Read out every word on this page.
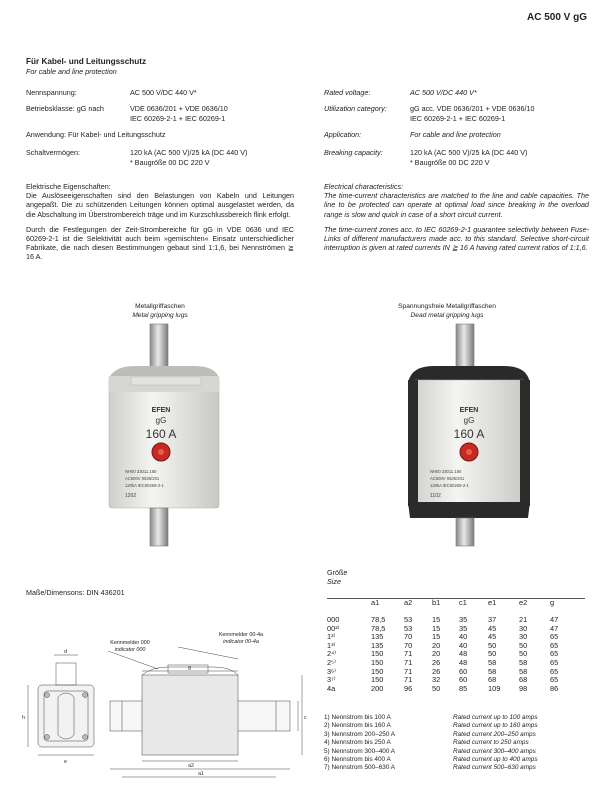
AC 500 V gG
Für Kabel- und Leitungsschutz
For cable and line protection
Nennspannung:	AC 500 V/DC 440 V*
Betriebsklasse: gG nach	VDE 0636/201 + VDE 0636/10
IEC 60269-2-1 + IEC 60269-1
Anwendung: Für Kabel- und Leitungsschutz
Schaltvermögen:	120 kA (AC 500 V)/25 kA (DC 440 V)
* Baugröße 00 DC 220 V
Rated voltage:	AC 500 V/DC 440 V*
Utilization category:	gG acc. VDE 0636/201 + VDE 0636/10
IEC 60269-2-1 + IEC 60269-1
Application:	For cable and line protection
Breaking capacity:	120 kA (AC 500 V)/25 kA (DC 440 V)
* Baugröße 00 DC 220 V
Elektrische Eigenschaften:
Die Auslöseeigenschaften sind den Belastungen von Kabeln und Leitungen angepaßt. Die zu schützenden Leitungen können optimal ausgelastet werden, da die Abschaltung im Überstrombereich träge und im Kurzschlussbereich flink erfolgt.
Durch die Festlegungen der Zeit-Strombereiche für gG in VDE 0636 und IEC 60269-2-1 ist die Selektivität auch beim »gemischten« Einsatz unterschiedlicher Fabrikate, die nach diesen Bestimmungen gebaut sind 1:1,6, bei Nennströmen ≧ 16 A.
Electrical characteristics:
The time-current characteristics are matched to the line and cable capacities. The line to be protected can operate at optimal load since breaking in the overload range is slow and quick in case of a short circuit current.
The time-current zones acc. to IEC 60269-2-1 guarantee selectivity between Fuse-Links of different manufacturers made acc. to this standard. Selective short-circuit interruption is given at rated currents IN ≧ 16 A having rated current ratios of 1:1,6.
Metallgriffaschen
Metal gripping lugs
Spannungsfreie Metallgriffaschen
Dead metal gripping lugs
EFEN
gG
160 A
NH00 33011.160
AC500V 0636/201
120kA IEC60269-2-1
1202
EFEN
gG
160 A
NH00 33011.160
AC500V 0636/201
120kA IEC60269-2-1
1102
Maße/Dimensons: DIN 436201
Kennmelder 000
indicator 000
Kennmelder 00-4a
indicator 00-4a
h
d
e
g
a2
a1
c
Größe
Size
	a1	a2	b1	c1	e1	e2	g

000	78,5	53	15	35	37	21	47
00²⁾	78,5	53	15	35	45	30	47
1²⁾	135	70	15	40	45	30	65
1³⁾	135	70	20	40	50	50	65
2⁴⁾	150	71	20	48	50	50	65
2⁵⁾	150	71	26	48	58	58	65
3⁶⁾	150	71	26	60	58	58	65
3⁷⁾	150	71	32	60	68	68	65
4a	200	96	50	85	109	98	86
1) Nennstrom bis 100 A
2) Nennstrom bis 160 A
3) Nennstrom 200–250 A
4) Nennstrom bis 250 A
5) Nennstrom 300–400 A
6) Nennstrom bis 400 A
7) Nennstrom 500–630 A
Rated current up to 100 amps
Rated current up to 160 amps
Rated current 200–250 amps
Rated current to 250 amps
Rated current 300–400 amps
Rated current up to 400 amps
Rated current 500–630 amps
